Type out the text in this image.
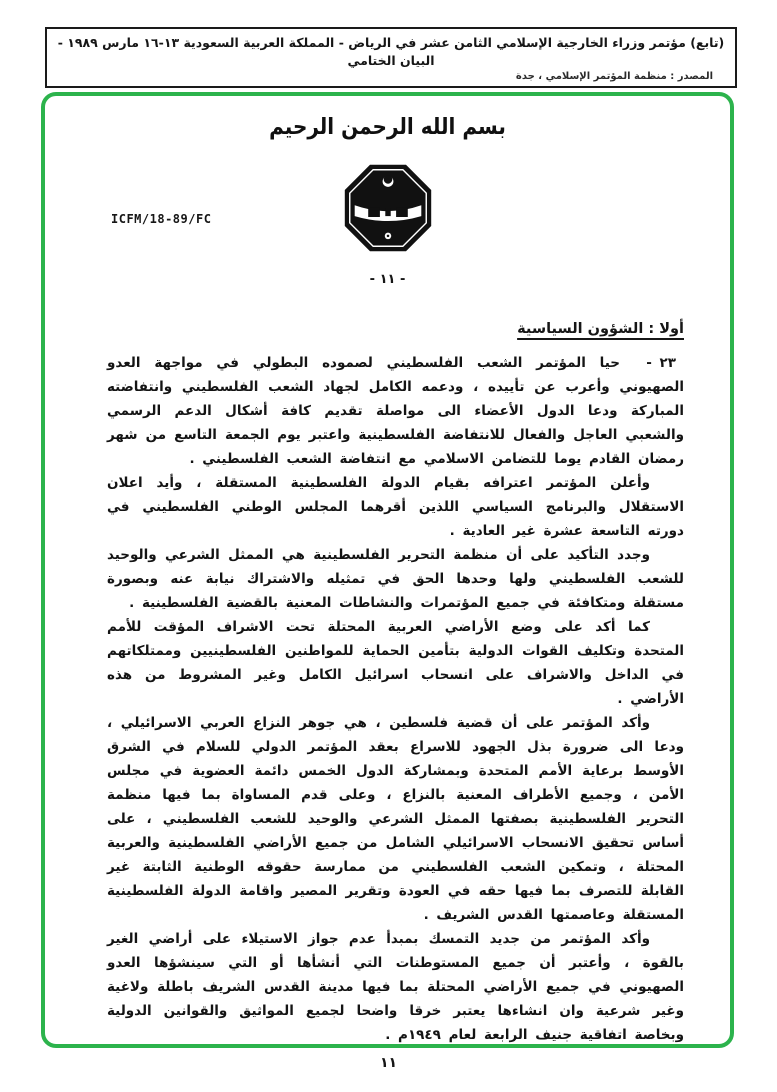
(تابع) مؤتمر وزراء الخارجية الإسلامي الثامن عشر في الرياض - المملكة العربية السعودية ١٣-١٦ مارس ١٩٨٩ - البيان الختامي
المصدر : منظمة المؤتمر الإسلامي ، جدة
بسم الله الرحمن الرحيم
ICFM/18-89/FC
- ١١ -
أولا : الشؤون السياسية
٢٣ -

حيا المؤتمر الشعب الفلسطيني لصموده البطولي في مواجهة العدو الصهيوني وأعرب عن تأييده ، ودعمه الكامل لجهاد الشعب الفلسطيني وانتفاضته المباركة ودعا الدول الأعضاء الى مواصلة تقديم كافة أشكال الدعم الرسمي والشعبي العاجل والفعال للانتفاضة الفلسطينية واعتبر يوم الجمعة التاسع من شهر رمضان القادم يوما للتضامن الاسلامي مع انتفاضة الشعب الفلسطيني .

وأعلن المؤتمر اعترافه بقيام الدولة الفلسطينية المستقلة ، وأيد اعلان الاستقلال والبرنامج السياسي اللذين أقرهما المجلس الوطني الفلسطيني في دورته التاسعة عشرة غير العادية .

وجدد التأكيد على أن منظمة التحرير الفلسطينية هي الممثل الشرعي والوحيد للشعب الفلسطيني ولها وحدها الحق في تمثيله والاشتراك نيابة عنه وبصورة مستقلة ومتكافئة في جميع المؤتمرات والنشاطات المعنية بالقضية الفلسطينية .

كما أكد على وضع الأراضي العربية المحتلة تحت الاشراف المؤقت للأمم المتحدة وتكليف القوات الدولية بتأمين الحماية للمواطنين الفلسطينيين وممتلكاتهم في الداخل والاشراف على انسحاب اسرائيل الكامل وغير المشروط من هذه الأراضي .

وأكد المؤتمر على أن قضية فلسطين ، هي جوهر النزاع العربي الاسرائيلي ، ودعا الى ضرورة بذل الجهود للاسراع بعقد المؤتمر الدولي للسلام في الشرق الأوسط برعاية الأمم المتحدة وبمشاركة الدول الخمس دائمة العضوية في مجلس الأمن ، وجميع الأطراف المعنية بالنزاع ، وعلى قدم المساواة بما فيها منظمة التحرير الفلسطينية بصفتها الممثل الشرعي والوحيد للشعب الفلسطيني ، على أساس تحقيق الانسحاب الاسرائيلي الشامل من جميع الأراضي الفلسطينية والعربية المحتلة ، وتمكين الشعب الفلسطيني من ممارسة حقوقه الوطنية الثابتة غير القابلة للتصرف بما فيها حقه في العودة وتقرير المصير واقامة الدولة الفلسطينية المستقلة وعاصمتها القدس الشريف .

وأكد المؤتمر من جديد التمسك بمبدأ عدم جواز الاستيلاء على أراضي الغير بالقوة ، وأعتبر أن جميع المستوطنات التي أنشأها أو التي سينشؤها العدو الصهيوني في جميع الأراضي المحتلة بما فيها مدينة القدس الشريف باطلة ولاغية وغير شرعية وان انشاءها يعتبر خرقا واضحا لجميع المواثيق والقوانين الدولية وبخاصة اتفاقية جنيف الرابعة لعام ١٩٤٩م .

١١
